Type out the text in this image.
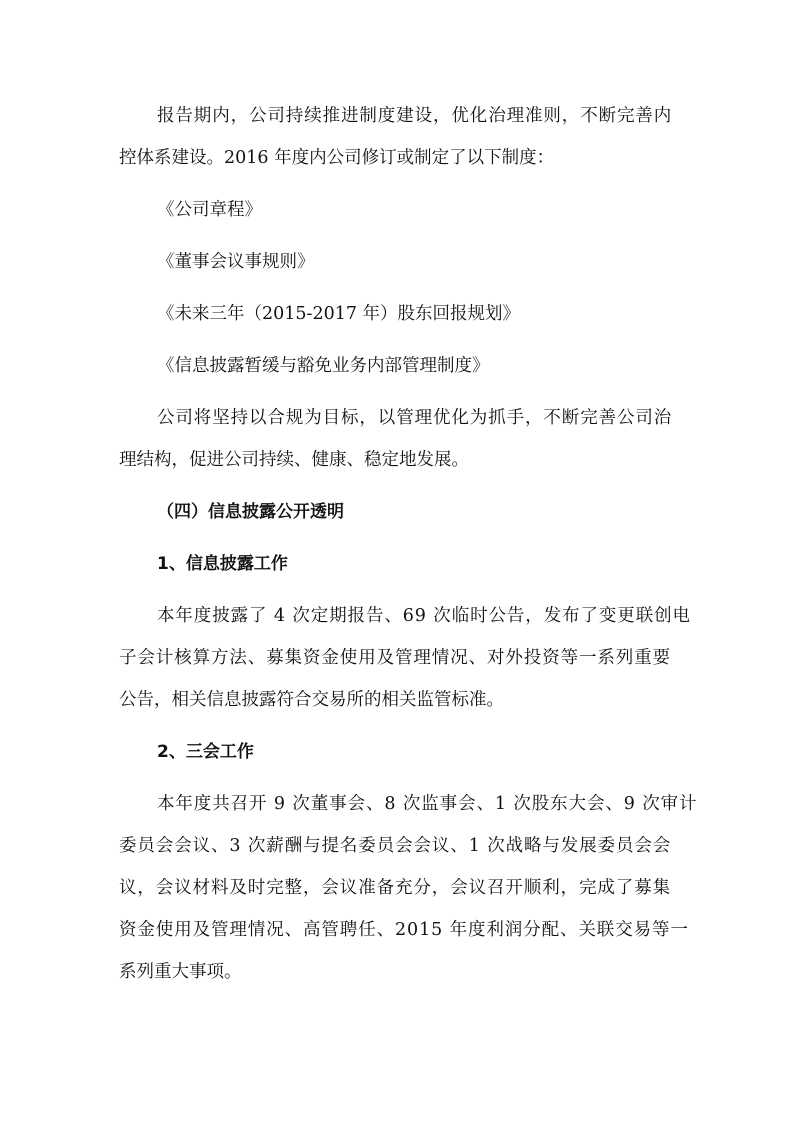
报告期内，公司持续推进制度建设，优化治理准则，不断完善内
控体系建设。2016 年度内公司修订或制定了以下制度：
《公司章程》
《董事会议事规则》
《未来三年（2015-2017 年）股东回报规划》
《信息披露暂缓与豁免业务内部管理制度》
公司将坚持以合规为目标，以管理优化为抓手，不断完善公司治
理结构，促进公司持续、健康、稳定地发展。
（四）信息披露公开透明
1、信息披露工作
本年度披露了 4 次定期报告、69 次临时公告，发布了变更联创电
子会计核算方法、募集资金使用及管理情况、对外投资等一系列重要
公告，相关信息披露符合交易所的相关监管标准。
2、三会工作
本年度共召开 9 次董事会、8 次监事会、1 次股东大会、9 次审计
委员会会议、3 次薪酬与提名委员会会议、1 次战略与发展委员会会
议，会议材料及时完整，会议准备充分，会议召开顺利，完成了募集
资金使用及管理情况、高管聘任、2015 年度利润分配、关联交易等一
系列重大事项。
